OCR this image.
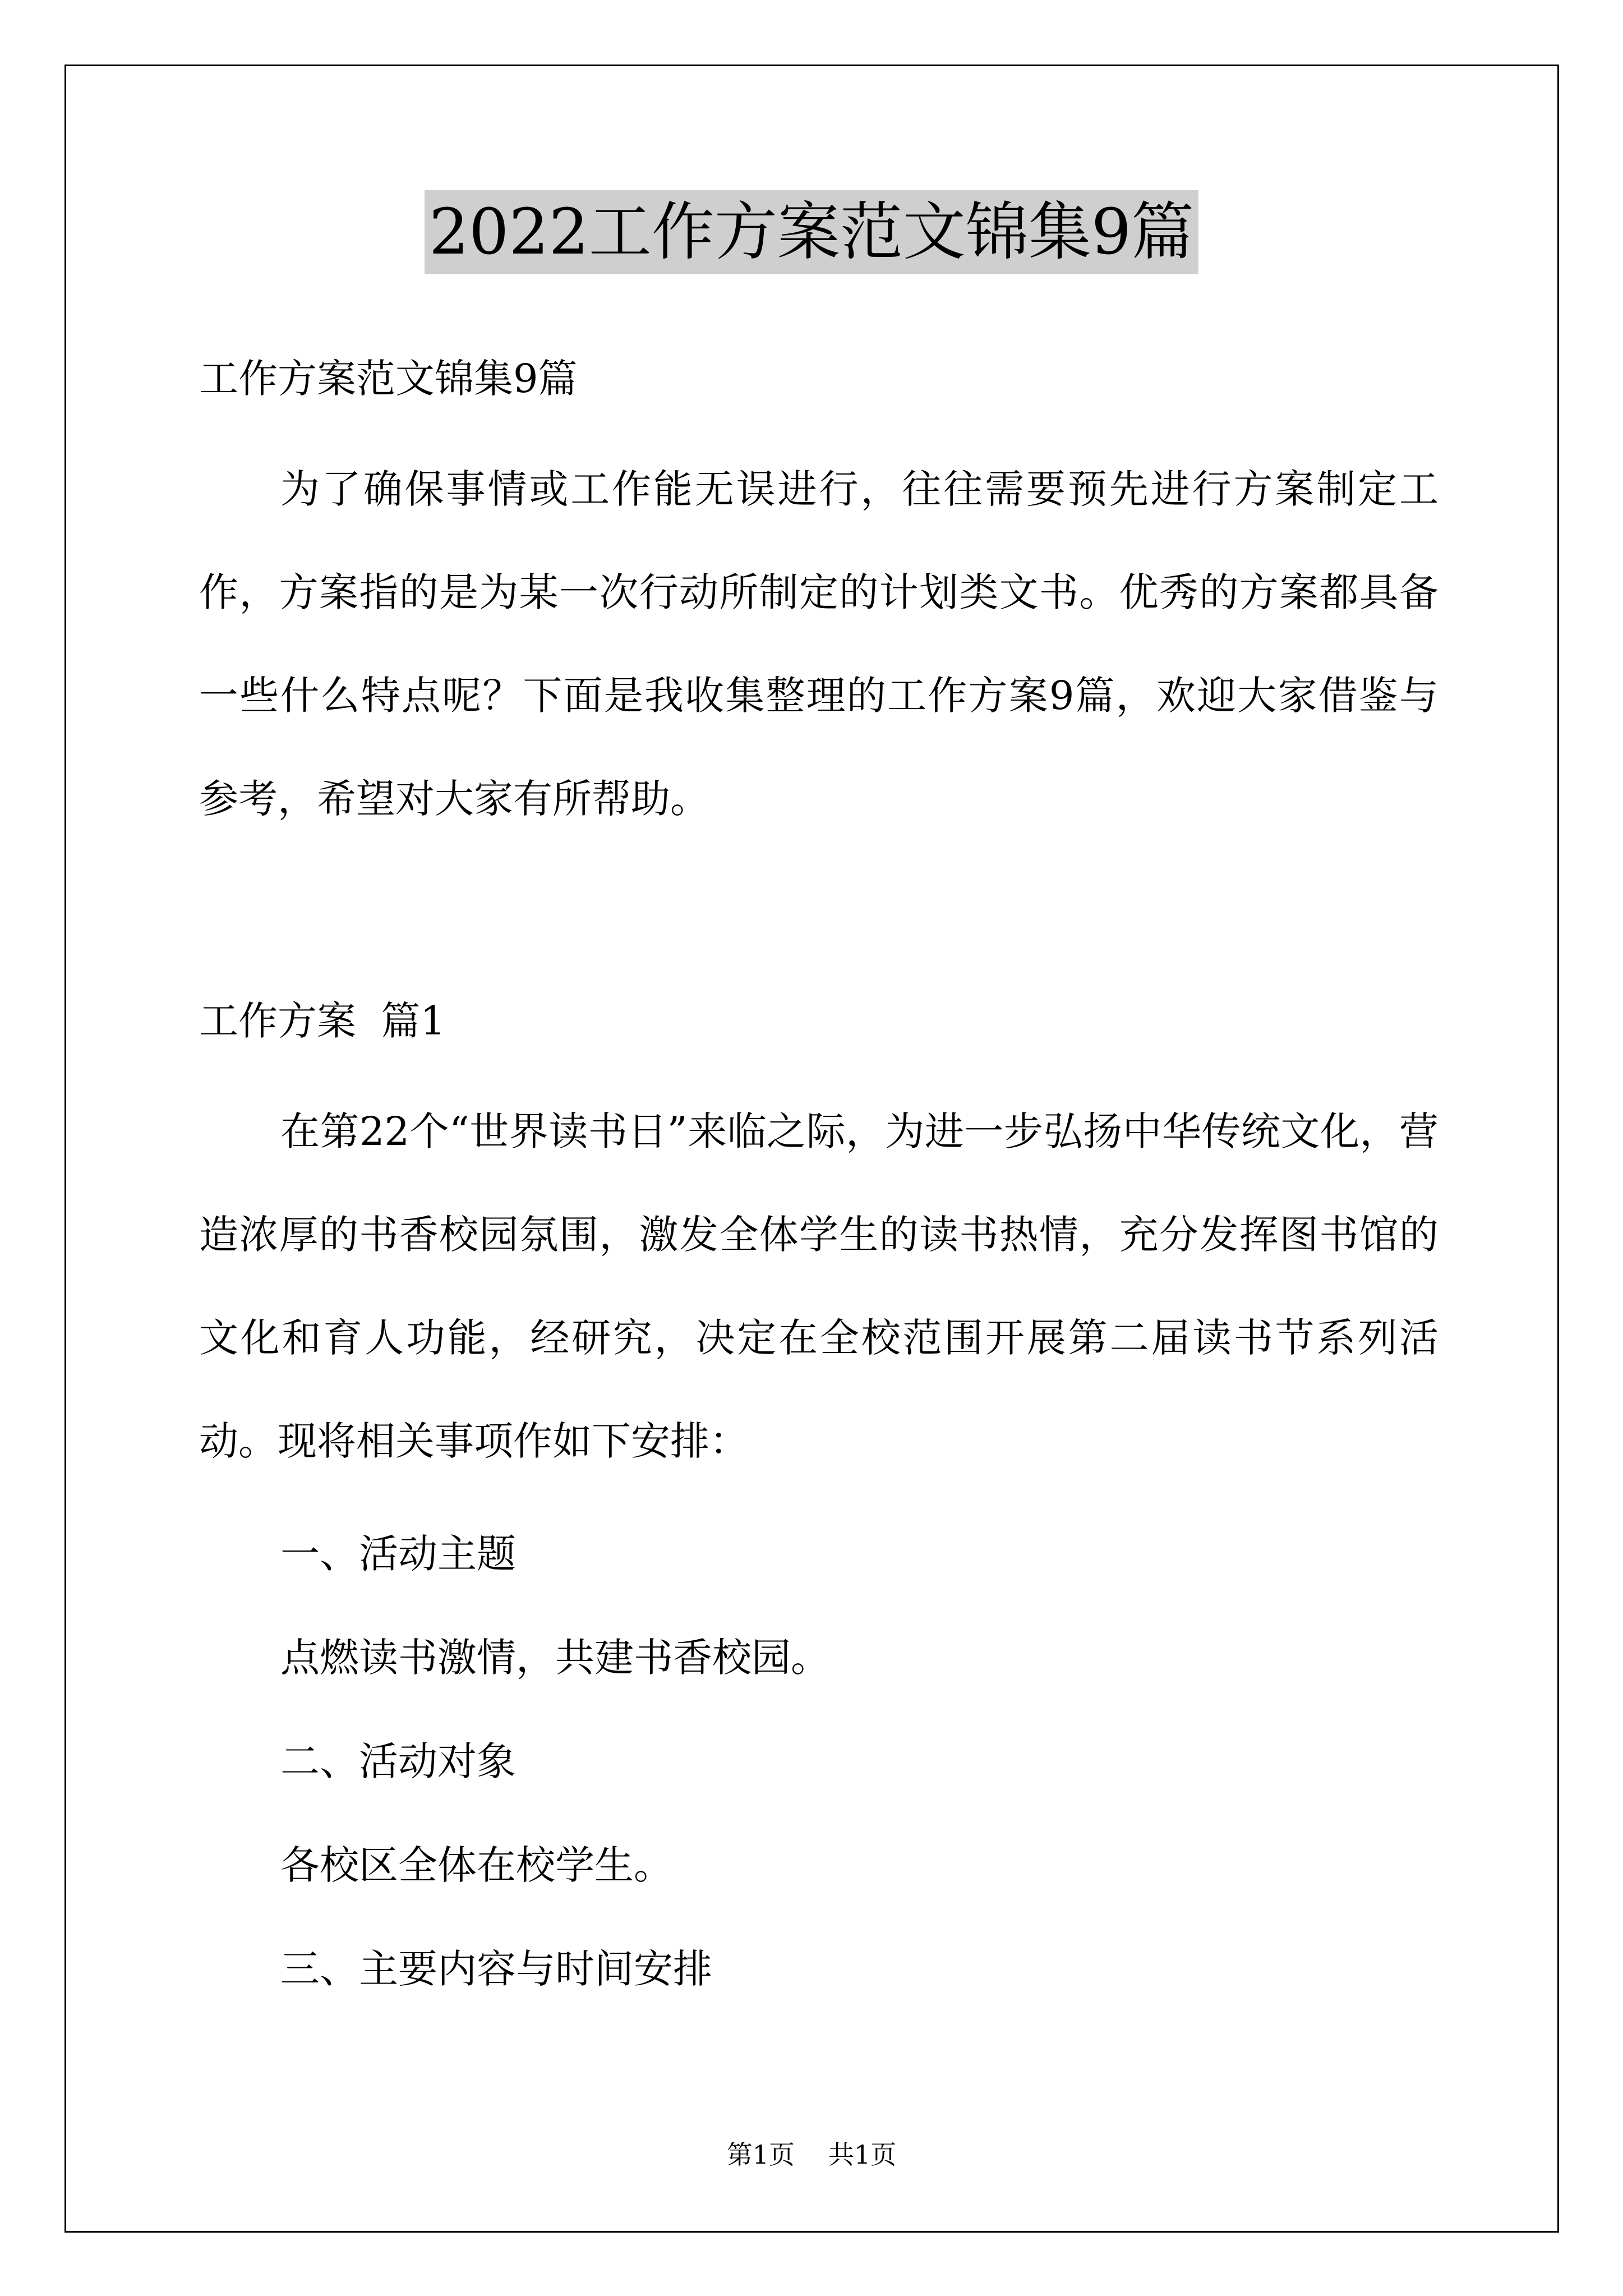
2022工作方案范文锦集9篇
工作方案范文锦集9篇
为了确保事情或工作能无误进行，往往需要预先进行方案制定工作，方案指的是为某一次行动所制定的计划类文书。优秀的方案都具备一些什么特点呢？下面是我收集整理的工作方案9篇，欢迎大家借鉴与参考，希望对大家有所帮助。
工作方案  篇1
在第22个“世界读书日”来临之际，为进一步弘扬中华传统文化，营造浓厚的书香校园氛围，激发全体学生的读书热情，充分发挥图书馆的文化和育人功能，经研究，决定在全校范围开展第二届读书节系列活动。现将相关事项作如下安排：
一、活动主题
点燃读书激情，共建书香校园。
二、活动对象
各校区全体在校学生。
三、主要内容与时间安排
第1页 共1页
